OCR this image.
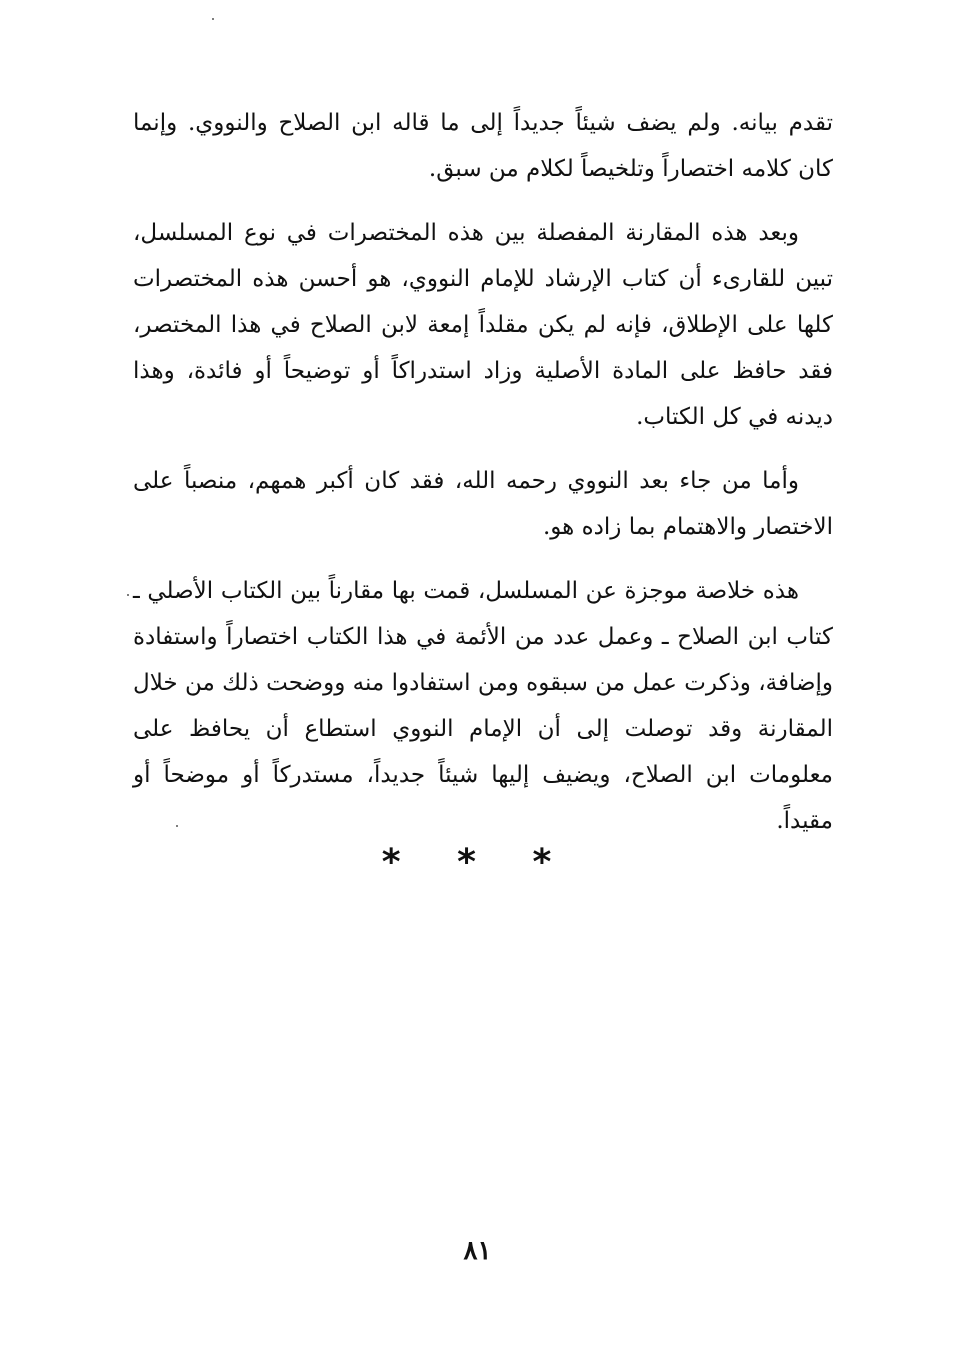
تقدم بيانه. ولم يضف شيئاً جديداً إلى ما قاله ابن الصلاح والنووي. وإنما كان كلامه اختصاراً وتلخيصاً لكلام من سبق.

وبعد هذه المقارنة المفصلة بين هذه المختصرات في نوع المسلسل، تبين للقارىء أن كتاب الإرشاد للإمام النووي، هو أحسن هذه المختصرات كلها على الإطلاق، فإنه لم يكن مقلداً إمعة لابن الصلاح في هذا المختصر، فقد حافظ على المادة الأصلية وزاد استدراكاً أو توضيحاً أو فائدة، وهذا ديدنه في كل الكتاب.

وأما من جاء بعد النووي رحمه الله، فقد كان أكبر همهم، منصباً على الاختصار والاهتمام بما زاده هو.

هذه خلاصة موجزة عن المسلسل، قمت بها مقارناً بين الكتاب الأصلي ـ كتاب ابن الصلاح ـ وعمل عدد من الأئمة في هذا الكتاب اختصاراً واستفادة وإضافة، وذكرت عمل من سبقوه ومن استفادوا منه ووضحت ذلك من خلال المقارنة وقد توصلت إلى أن الإمام النووي استطاع أن يحافظ على معلومات ابن الصلاح، ويضيف إليها شيئاً جديداً، مستدركاً أو موضحاً أو مقيداً.

* * *
٨١
